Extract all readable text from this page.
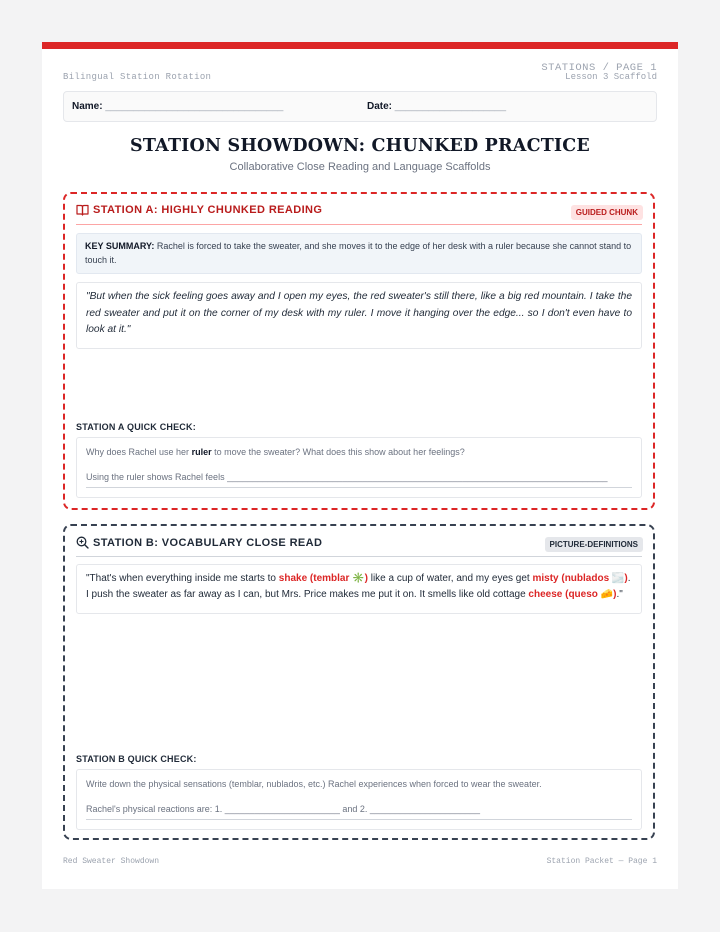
Bilingual Station Rotation
STATIONS / PAGE 1
Lesson 3 Scaffold
Name: ________________________________	Date: ____________________
STATION SHOWDOWN: CHUNKED PRACTICE
Collaborative Close Reading and Language Scaffolds
STATION A: HIGHLY CHUNKED READING	GUIDED CHUNK
KEY SUMMARY: Rachel is forced to take the sweater, and she moves it to the edge of her desk with a ruler because she cannot stand to touch it.
"But when the sick feeling goes away and I open my eyes, the red sweater's still there, like a big red mountain. I take the red sweater and put it on the corner of my desk with my ruler. I move it hanging over the edge... so I don't even have to look at it."
STATION A QUICK CHECK:
Why does Rachel use her ruler to move the sweater? What does this show about her feelings?
Using the ruler shows Rachel feels ____________________________________________________________________________
STATION B: VOCABULARY CLOSE READ	PICTURE-DEFINITIONS
"That's when everything inside me starts to shake (temblar ✳️) like a cup of water, and my eyes get misty (nublados 🌫️). I push the sweater as far away as I can, but Mrs. Price makes me put it on. It smells like old cottage cheese (queso 🧀)."
STATION B QUICK CHECK:
Write down the physical sensations (temblar, nublados, etc.) Rachel experiences when forced to wear the sweater.
Rachel's physical reactions are: 1. _______________________ and 2. ______________________
Red Sweater Showdown	Station Packet — Page 1
